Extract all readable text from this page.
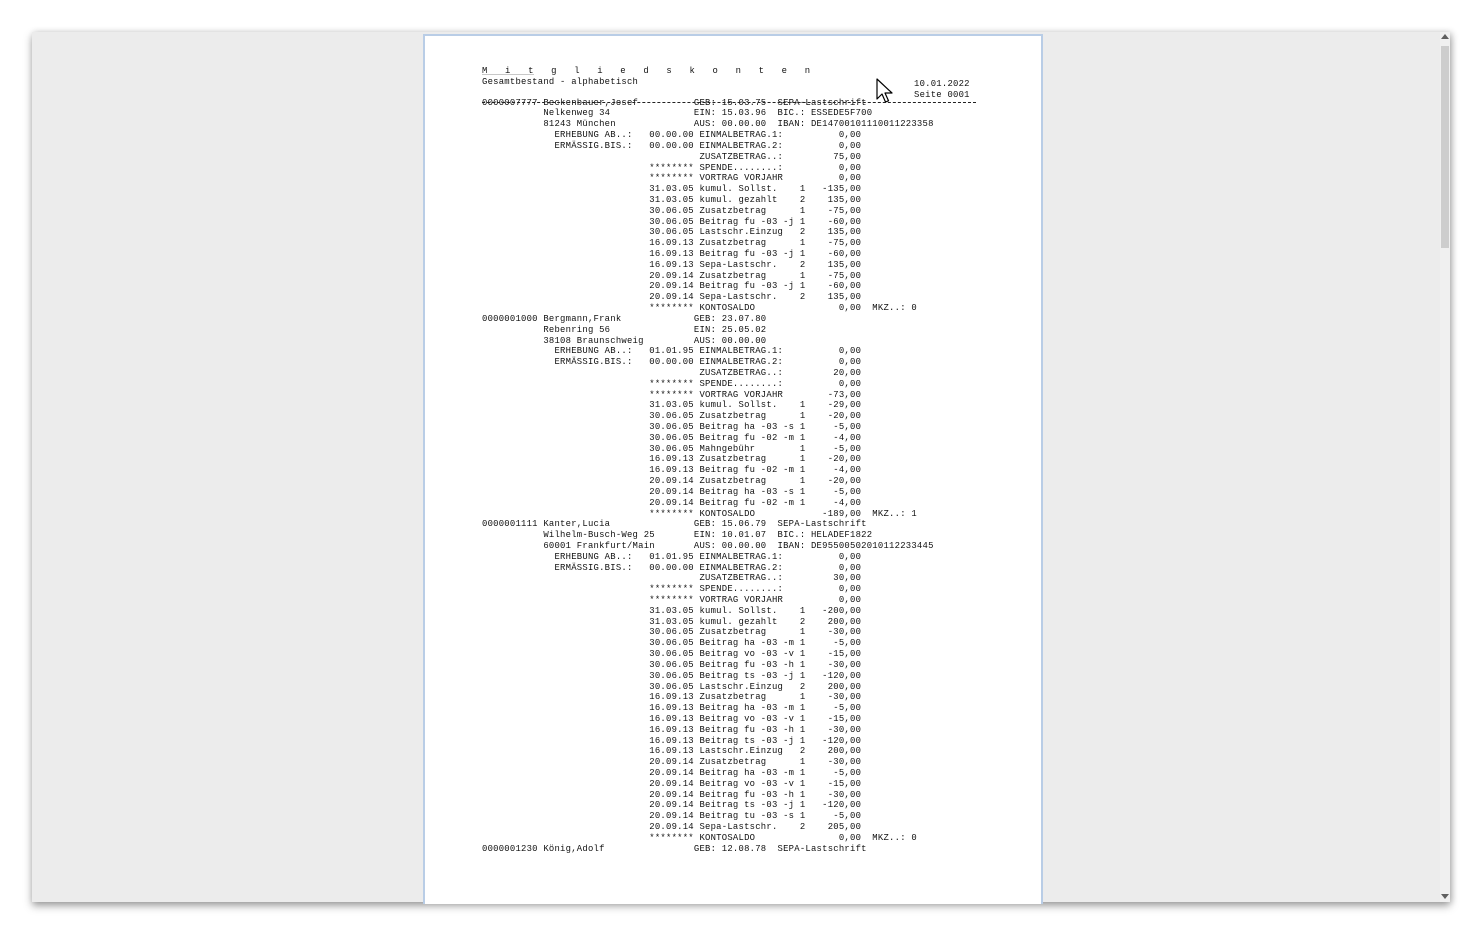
M i t g l i e d s k o n t e n
Gesamtbestand - alphabetisch
0000007777 Beckenbauer,Josef          GEB: 15.03.75  SEPA-Lastschrift
Nelkenweg 34               EIN: 15.03.96  BIC.: ESSEDE5F700
81243 München              AUS: 00.00.00  IBAN: DE14700101110011223358
ERHEBUNG AB..:   00.00.00 EINMALBETRAG.1:          0,00
ERMÄSSIG.BIS.:   00.00.00 EINMALBETRAG.2:          0,00
ZUSATZBETRAG..:         75,00
******** SPENDE........:          0,00
******** VORTRAG VORJAHR          0,00
31.03.05 kumul. Sollst.    1   -135,00
31.03.05 kumul. gezahlt    2    135,00
30.06.05 Zusatzbetrag      1    -75,00
30.06.05 Beitrag fu -03 -j 1    -60,00
30.06.05 Lastschr.Einzug   2    135,00
16.09.13 Zusatzbetrag      1    -75,00
16.09.13 Beitrag fu -03 -j 1    -60,00
16.09.13 Sepa-Lastschr.    2    135,00
20.09.14 Zusatzbetrag      1    -75,00
20.09.14 Beitrag fu -03 -j 1    -60,00
20.09.14 Sepa-Lastschr.    2    135,00
******** KONTOSALDO               0,00  MKZ..: 0
0000001000 Bergmann,Frank             GEB: 23.07.80
Rebenring 56               EIN: 25.05.02
38108 Braunschweig         AUS: 00.00.00
ERHEBUNG AB..:   01.01.95 EINMALBETRAG.1:          0,00
ERMÄSSIG.BIS.:   00.00.00 EINMALBETRAG.2:          0,00
ZUSATZBETRAG..:         20,00
******** SPENDE........:          0,00
******** VORTRAG VORJAHR        -73,00
31.03.05 kumul. Sollst.    1    -29,00
30.06.05 Zusatzbetrag      1    -20,00
30.06.05 Beitrag ha -03 -s 1     -5,00
30.06.05 Beitrag fu -02 -m 1     -4,00
30.06.05 Mahngebühr        1     -5,00
16.09.13 Zusatzbetrag      1    -20,00
16.09.13 Beitrag fu -02 -m 1     -4,00
20.09.14 Zusatzbetrag      1    -20,00
20.09.14 Beitrag ha -03 -s 1     -5,00
20.09.14 Beitrag fu -02 -m 1     -4,00
******** KONTOSALDO            -189,00  MKZ..: 1
0000001111 Kanter,Lucia               GEB: 15.06.79  SEPA-Lastschrift
Wilhelm-Busch-Weg 25       EIN: 10.01.07  BIC.: HELADEF1822
60001 Frankfurt/Main       AUS: 00.00.00  IBAN: DE95500502010112233445
ERHEBUNG AB..:   01.01.95 EINMALBETRAG.1:          0,00
ERMÄSSIG.BIS.:   00.00.00 EINMALBETRAG.2:          0,00
ZUSATZBETRAG..:         30,00
******** SPENDE........:          0,00
******** VORTRAG VORJAHR          0,00
31.03.05 kumul. Sollst.    1   -200,00
31.03.05 kumul. gezahlt    2    200,00
30.06.05 Zusatzbetrag      1    -30,00
30.06.05 Beitrag ha -03 -m 1     -5,00
30.06.05 Beitrag vo -03 -v 1    -15,00
30.06.05 Beitrag fu -03 -h 1    -30,00
30.06.05 Beitrag ts -03 -j 1   -120,00
30.06.05 Lastschr.Einzug   2    200,00
16.09.13 Zusatzbetrag      1    -30,00
16.09.13 Beitrag ha -03 -m 1     -5,00
16.09.13 Beitrag vo -03 -v 1    -15,00
16.09.13 Beitrag fu -03 -h 1    -30,00
16.09.13 Beitrag ts -03 -j 1   -120,00
16.09.13 Lastschr.Einzug   2    200,00
20.09.14 Zusatzbetrag      1    -30,00
20.09.14 Beitrag ha -03 -m 1     -5,00
20.09.14 Beitrag vo -03 -v 1    -15,00
20.09.14 Beitrag fu -03 -h 1    -30,00
20.09.14 Beitrag ts -03 -j 1   -120,00
20.09.14 Beitrag tu -03 -s 1     -5,00
20.09.14 Sepa-Lastschr.    2    205,00
******** KONTOSALDO               0,00  MKZ..: 0
0000001230 König,Adolf                GEB: 12.08.78  SEPA-Lastschrift
10.01.2022
Seite 0001
